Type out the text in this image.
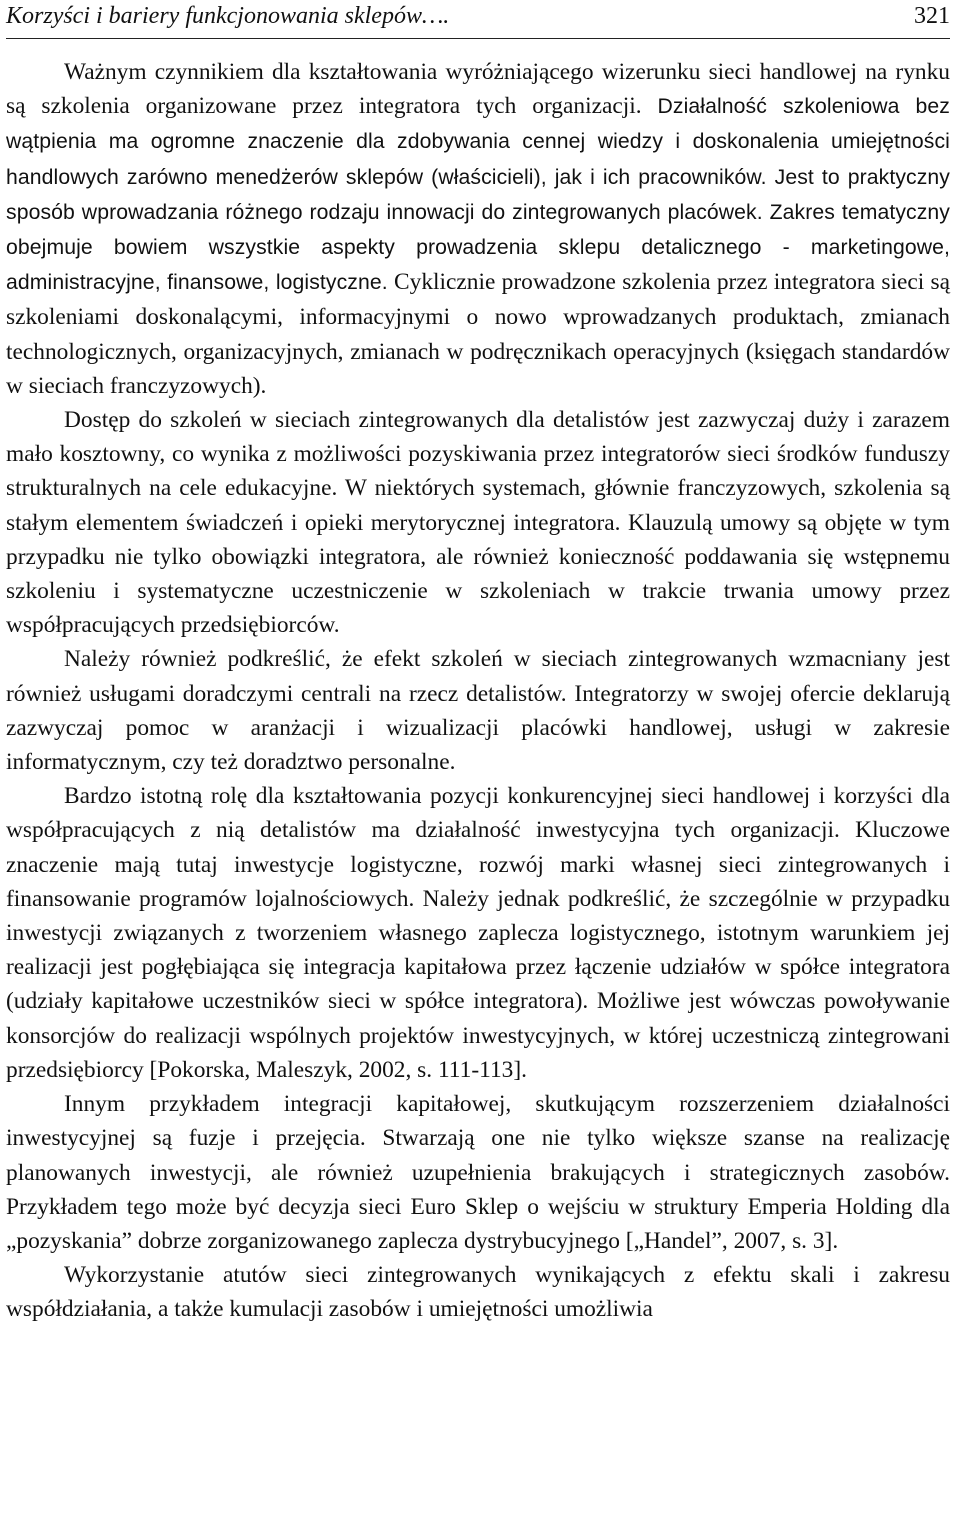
Korzyści i bariery funkcjonowania sklepów….	321

Ważnym czynnikiem dla kształtowania wyróżniającego wizerunku sieci handlowej na rynku są szkolenia organizowane przez integratora tych organizacji. Działalność szkoleniowa bez wątpienia ma ogromne znaczenie dla zdobywania cennej wiedzy i doskonalenia umiejętności handlowych zarówno menedżerów sklepów (właścicieli), jak i ich pracowników. Jest to praktyczny sposób wprowadzania różnego rodzaju innowacji do zintegrowanych placówek. Zakres tematyczny obejmuje bowiem wszystkie aspekty prowadzenia sklepu detalicznego - marketingowe, administracyjne, finansowe, logistyczne. Cyklicznie prowadzone szkolenia przez integratora sieci są szkoleniami doskonalącymi, informacyjnymi o nowo wprowadzanych produktach, zmianach technologicznych, organizacyjnych, zmianach w podręcznikach operacyjnych (księgach standardów w sieciach franczyzowych).

Dostęp do szkoleń w sieciach zintegrowanych dla detalistów jest zazwyczaj duży i zarazem mało kosztowny, co wynika z możliwości pozyskiwania przez integratorów sieci środków funduszy strukturalnych na cele edukacyjne. W niektórych systemach, głównie franczyzowych, szkolenia są stałym elementem świadczeń i opieki merytorycznej integratora. Klauzulą umowy są objęte w tym przypadku nie tylko obowiązki integratora, ale również konieczność poddawania się wstępnemu szkoleniu i systematyczne uczestniczenie w szkoleniach w trakcie trwania umowy przez współpracujących przedsiębiorców.

Należy również podkreślić, że efekt szkoleń w sieciach zintegrowanych wzmacniany jest również usługami doradczymi centrali na rzecz detalistów. Integratorzy w swojej ofercie deklarują zazwyczaj pomoc w aranżacji i wizualizacji placówki handlowej, usługi w zakresie informatycznym, czy też doradztwo personalne.

Bardzo istotną rolę dla kształtowania pozycji konkurencyjnej sieci handlowej i korzyści dla współpracujących z nią detalistów ma działalność inwestycyjna tych organizacji. Kluczowe znaczenie mają tutaj inwestycje logistyczne, rozwój marki własnej sieci zintegrowanych i finansowanie programów lojalnościowych. Należy jednak podkreślić, że szczególnie w przypadku inwestycji związanych z tworzeniem własnego zaplecza logistycznego, istotnym warunkiem jej realizacji jest pogłębiająca się integracja kapitałowa przez łączenie udziałów w spółce integratora (udziały kapitałowe uczestników sieci w spółce integratora). Możliwe jest wówczas powoływanie konsorcjów do realizacji wspólnych projektów inwestycyjnych, w której uczestniczą zintegrowani przedsiębiorcy [Pokorska, Maleszyk, 2002, s. 111-113].

Innym przykładem integracji kapitałowej, skutkującym rozszerzeniem działalności inwestycyjnej są fuzje i przejęcia. Stwarzają one nie tylko większe szanse na realizację planowanych inwestycji, ale również uzupełnienia brakujących i strategicznych zasobów. Przykładem tego może być decyzja sieci Euro Sklep o wejściu w struktury Emperia Holding dla „pozyskania” dobrze zorganizowanego zaplecza dystrybucyjnego [„Handel”, 2007, s. 3].

Wykorzystanie atutów sieci zintegrowanych wynikających z efektu skali i zakresu współdziałania, a także kumulacji zasobów i umiejętności umożliwia
